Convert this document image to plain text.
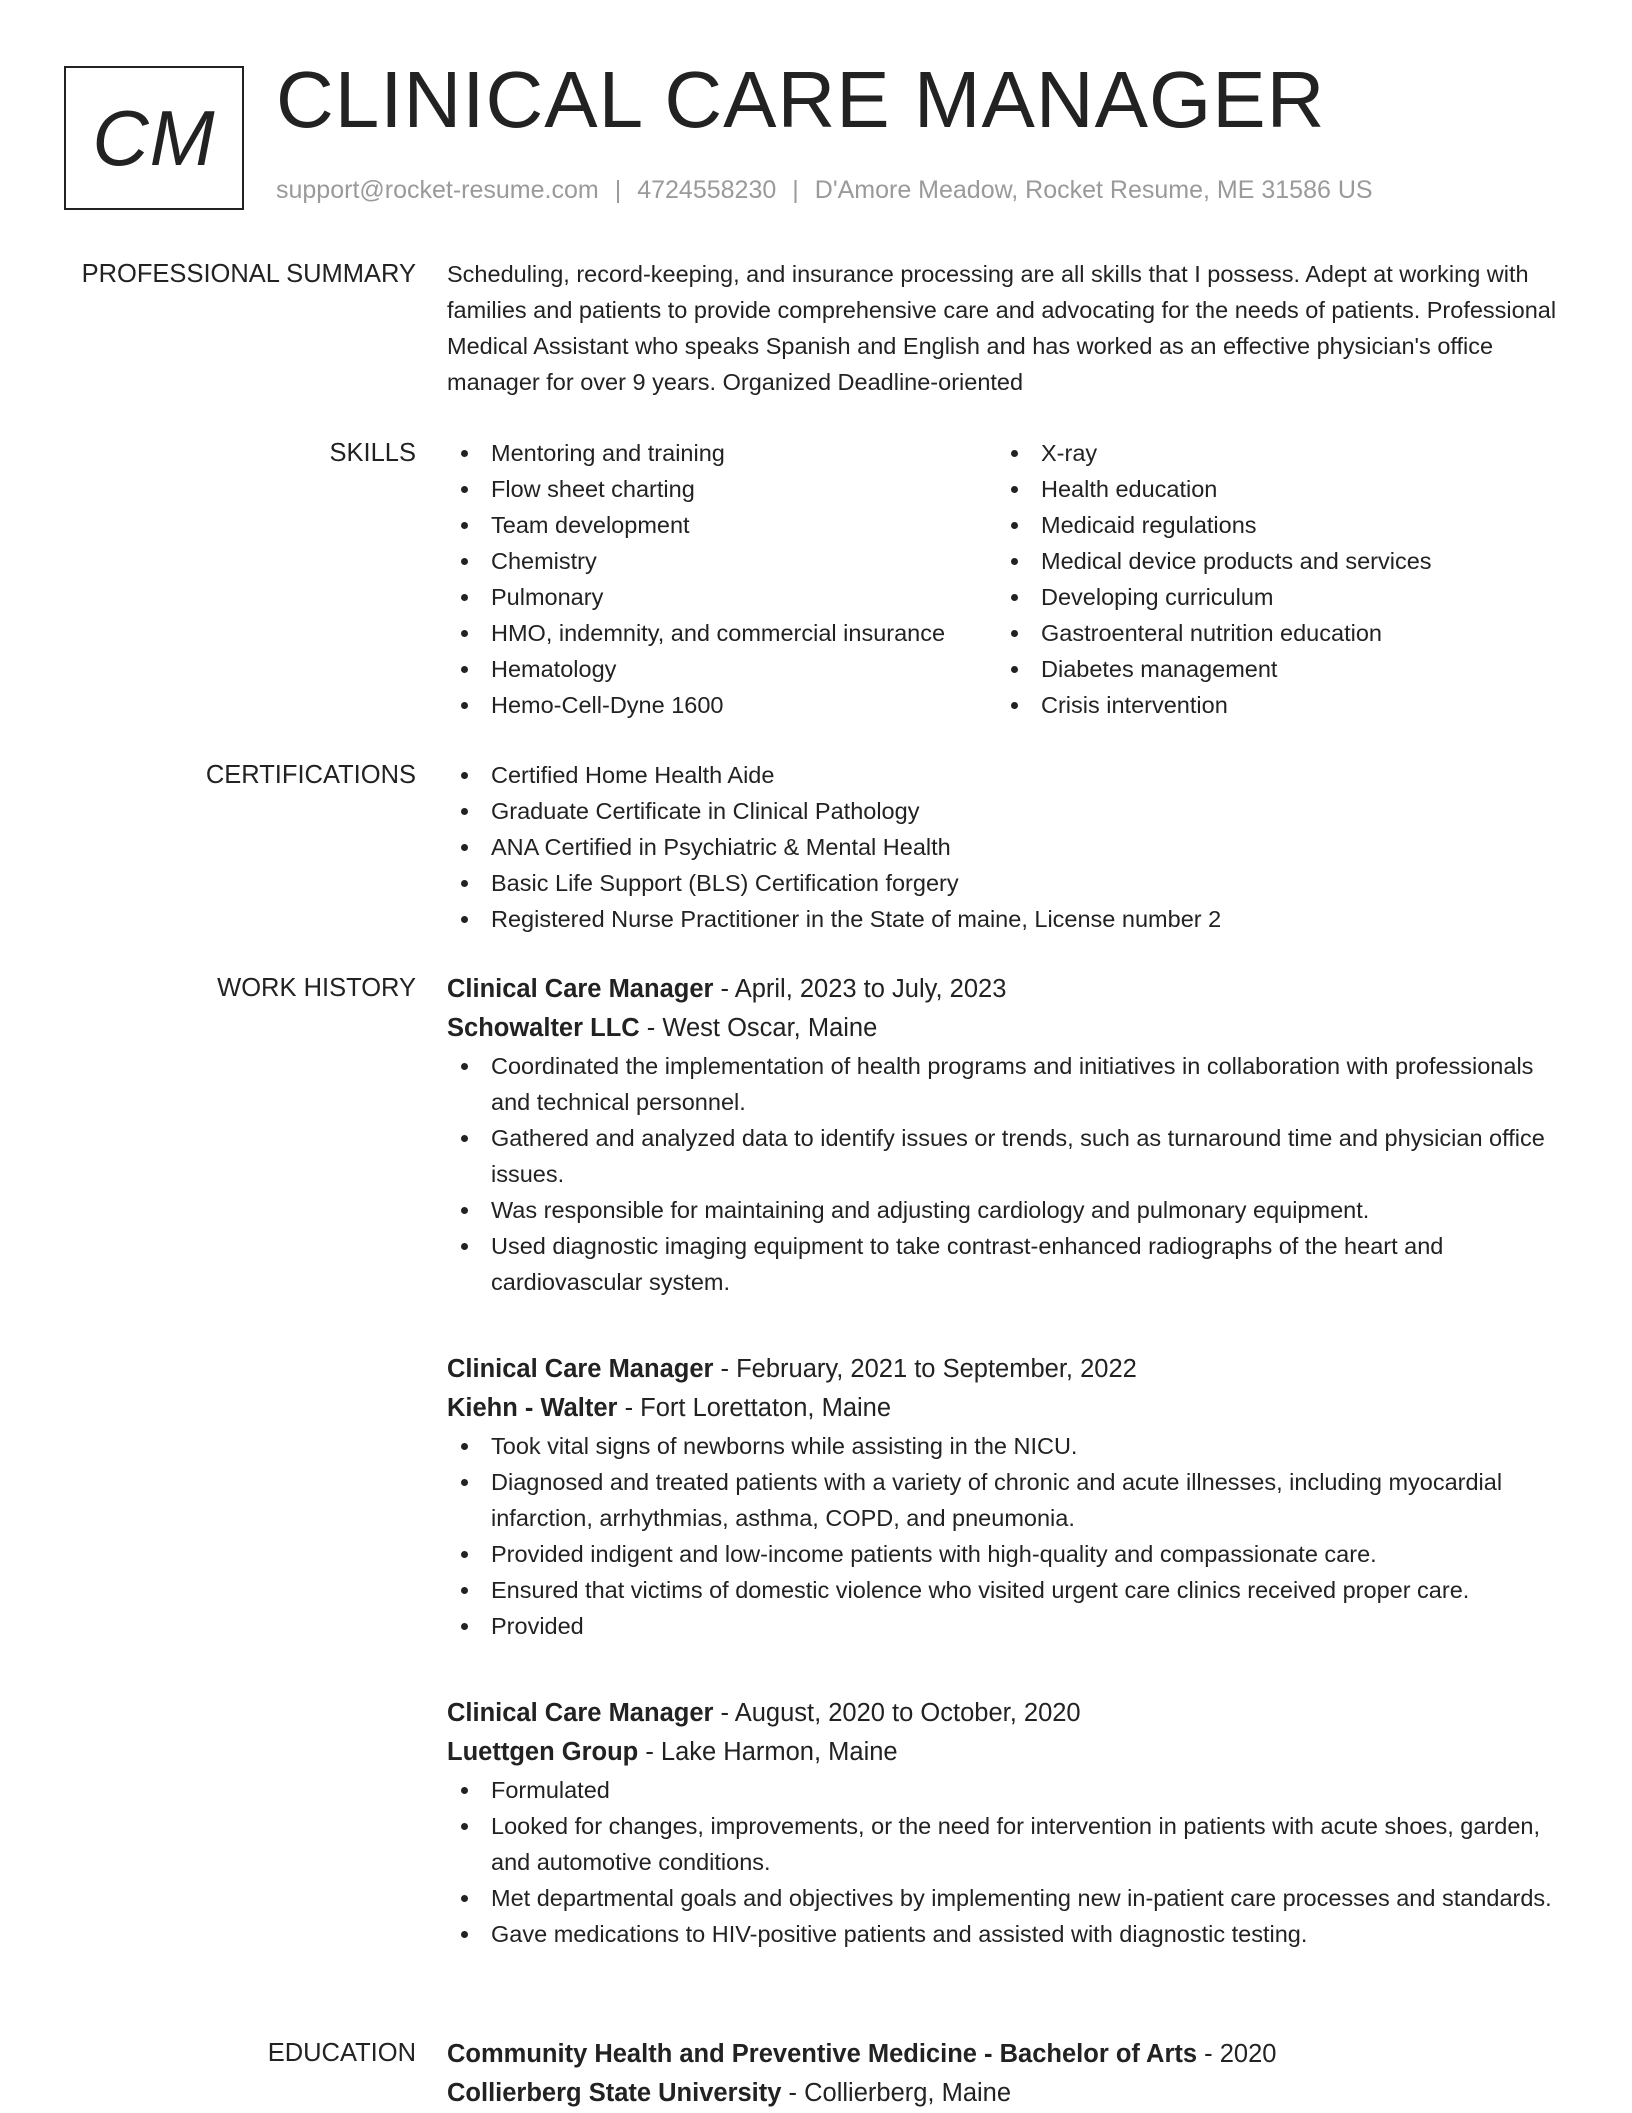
CM CLINICAL CARE MANAGER
support@rocket-resume.com | 4724558230 | D'Amore Meadow, Rocket Resume, ME 31586 US
PROFESSIONAL SUMMARY Scheduling, record-keeping, and insurance processing are all skills that I possess. Adept at working with families and patients to provide comprehensive care and advocating for the needs of patients. Professional Medical Assistant who speaks Spanish and English and has worked as an effective physician's office manager for over 9 years. Organized Deadline-oriented

SKILLS	Mentoring and training
Flow sheet charting
Team development
Chemistry
Pulmonary
HMO, indemnity, and commercial insurance
Hematology
Hemo-Cell-Dyne 1600
X-ray
Health education
Medicaid regulations
Medical device products and services
Developing curriculum
Gastroenteral nutrition education
Diabetes management
Crisis intervention
CERTIFICATIONS	Certified Home Health Aide
Graduate Certificate in Clinical Pathology
ANA Certified in Psychiatric & Mental Health
Basic Life Support (BLS) Certification forgery
Registered Nurse Practitioner in the State of maine, License number 2
WORK HISTORY Clinical Care Manager - April, 2023 to July, 2023
Schowalter LLC - West Oscar, Maine
Coordinated the implementation of health programs and initiatives in collaboration with professionals and technical personnel.
Gathered and analyzed data to identify issues or trends, such as turnaround time and physician office issues.
Was responsible for maintaining and adjusting cardiology and pulmonary equipment.
Used diagnostic imaging equipment to take contrast-enhanced radiographs of the heart and cardiovascular system.
Clinical Care Manager - February, 2021 to September, 2022
Kiehn - Walter - Fort Lorettaton, Maine
Took vital signs of newborns while assisting in the NICU.
Diagnosed and treated patients with a variety of chronic and acute illnesses, including myocardial infarction, arrhythmias, asthma, COPD, and pneumonia.
Provided indigent and low-income patients with high-quality and compassionate care.
Ensured that victims of domestic violence who visited urgent care clinics received proper care.
Provided
Clinical Care Manager - August, 2020 to October, 2020
Luettgen Group - Lake Harmon, Maine
Formulated
Looked for changes, improvements, or the need for intervention in patients with acute shoes, garden, and automotive conditions.
Met departmental goals and objectives by implementing new in-patient care processes and standards.
Gave medications to HIV-positive patients and assisted with diagnostic testing.
EDUCATION Community Health and Preventive Medicine - Bachelor of Arts - 2020
Collierberg State University - Collierberg, Maine
